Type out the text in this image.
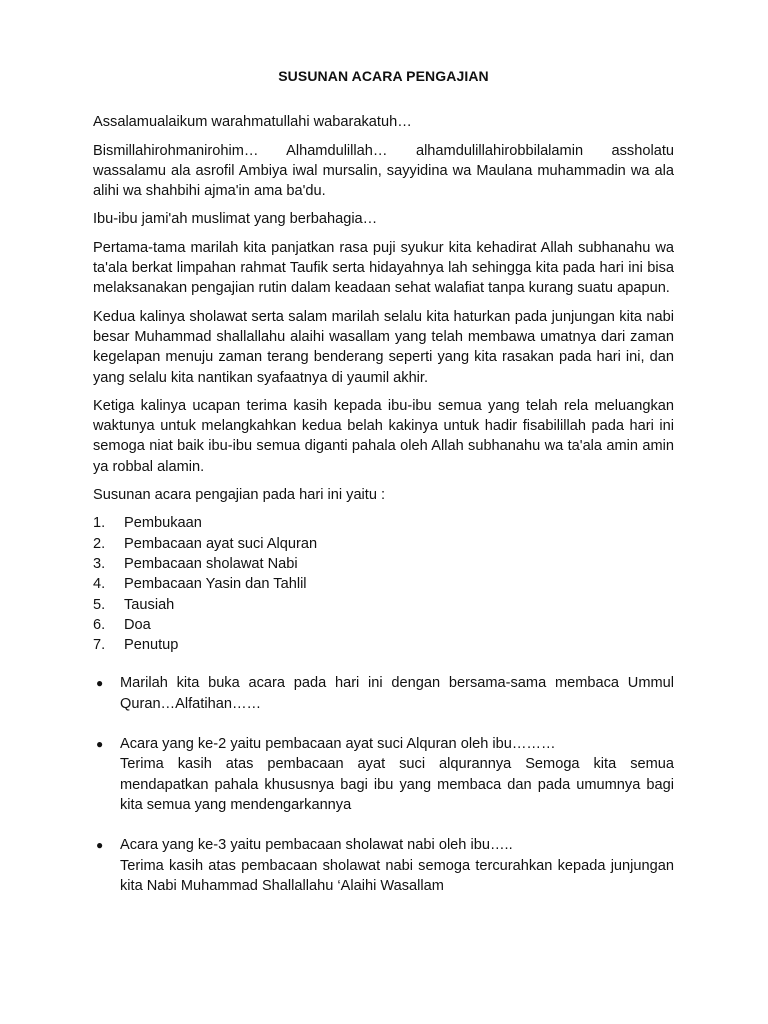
SUSUNAN ACARA PENGAJIAN

Assalamualaikum warahmatullahi wabarakatuh…

Bismillahirohmanirohim… Alhamdulillah… alhamdulillahirobbilalamin assholatu wassalamu ala asrofil Ambiya iwal mursalin, sayyidina wa Maulana muhammadin wa ala alihi wa shahbihi ajma'in ama ba'du.

Ibu-ibu jami'ah muslimat yang berbahagia…

Pertama-tama marilah kita panjatkan rasa puji syukur kita kehadirat Allah subhanahu wa ta'ala berkat limpahan rahmat Taufik serta hidayahnya lah sehingga kita pada hari ini bisa melaksanakan pengajian rutin dalam keadaan sehat walafiat tanpa kurang suatu apapun.

Kedua kalinya sholawat serta salam marilah selalu kita haturkan pada junjungan kita nabi besar Muhammad shallallahu alaihi wasallam yang telah membawa umatnya dari zaman kegelapan menuju zaman terang benderang seperti yang kita rasakan pada hari ini, dan yang selalu kita nantikan syafaatnya di yaumil akhir.

Ketiga kalinya ucapan terima kasih kepada ibu-ibu semua yang telah rela meluangkan waktunya untuk melangkahkan kedua belah kakinya untuk hadir fisabilillah pada hari ini semoga niat baik ibu-ibu semua diganti pahala oleh Allah subhanahu wa ta'ala amin amin ya robbal alamin.

Susunan acara pengajian pada hari ini yaitu :

1.	Pembukaan
2.	Pembacaan ayat suci Alquran
3.	Pembacaan sholawat Nabi
4.	Pembacaan Yasin dan Tahlil
5.	Tausiah
6.	Doa
7.	Penutup
●	Marilah kita buka acara pada hari ini dengan bersama-sama membaca Ummul Quran…Alfatihan……
●	Acara yang ke-2 yaitu pembacaan ayat suci Alquran oleh ibu………
Terima kasih atas pembacaan ayat suci alqurannya Semoga kita semua mendapatkan pahala khususnya bagi ibu yang membaca dan pada umumnya bagi kita semua yang mendengarkannya
●	Acara yang ke-3 yaitu pembacaan sholawat nabi oleh ibu…..
Terima kasih atas pembacaan sholawat nabi semoga tercurahkan kepada junjungan kita Nabi Muhammad Shallallahu ‘Alaihi Wasallam
